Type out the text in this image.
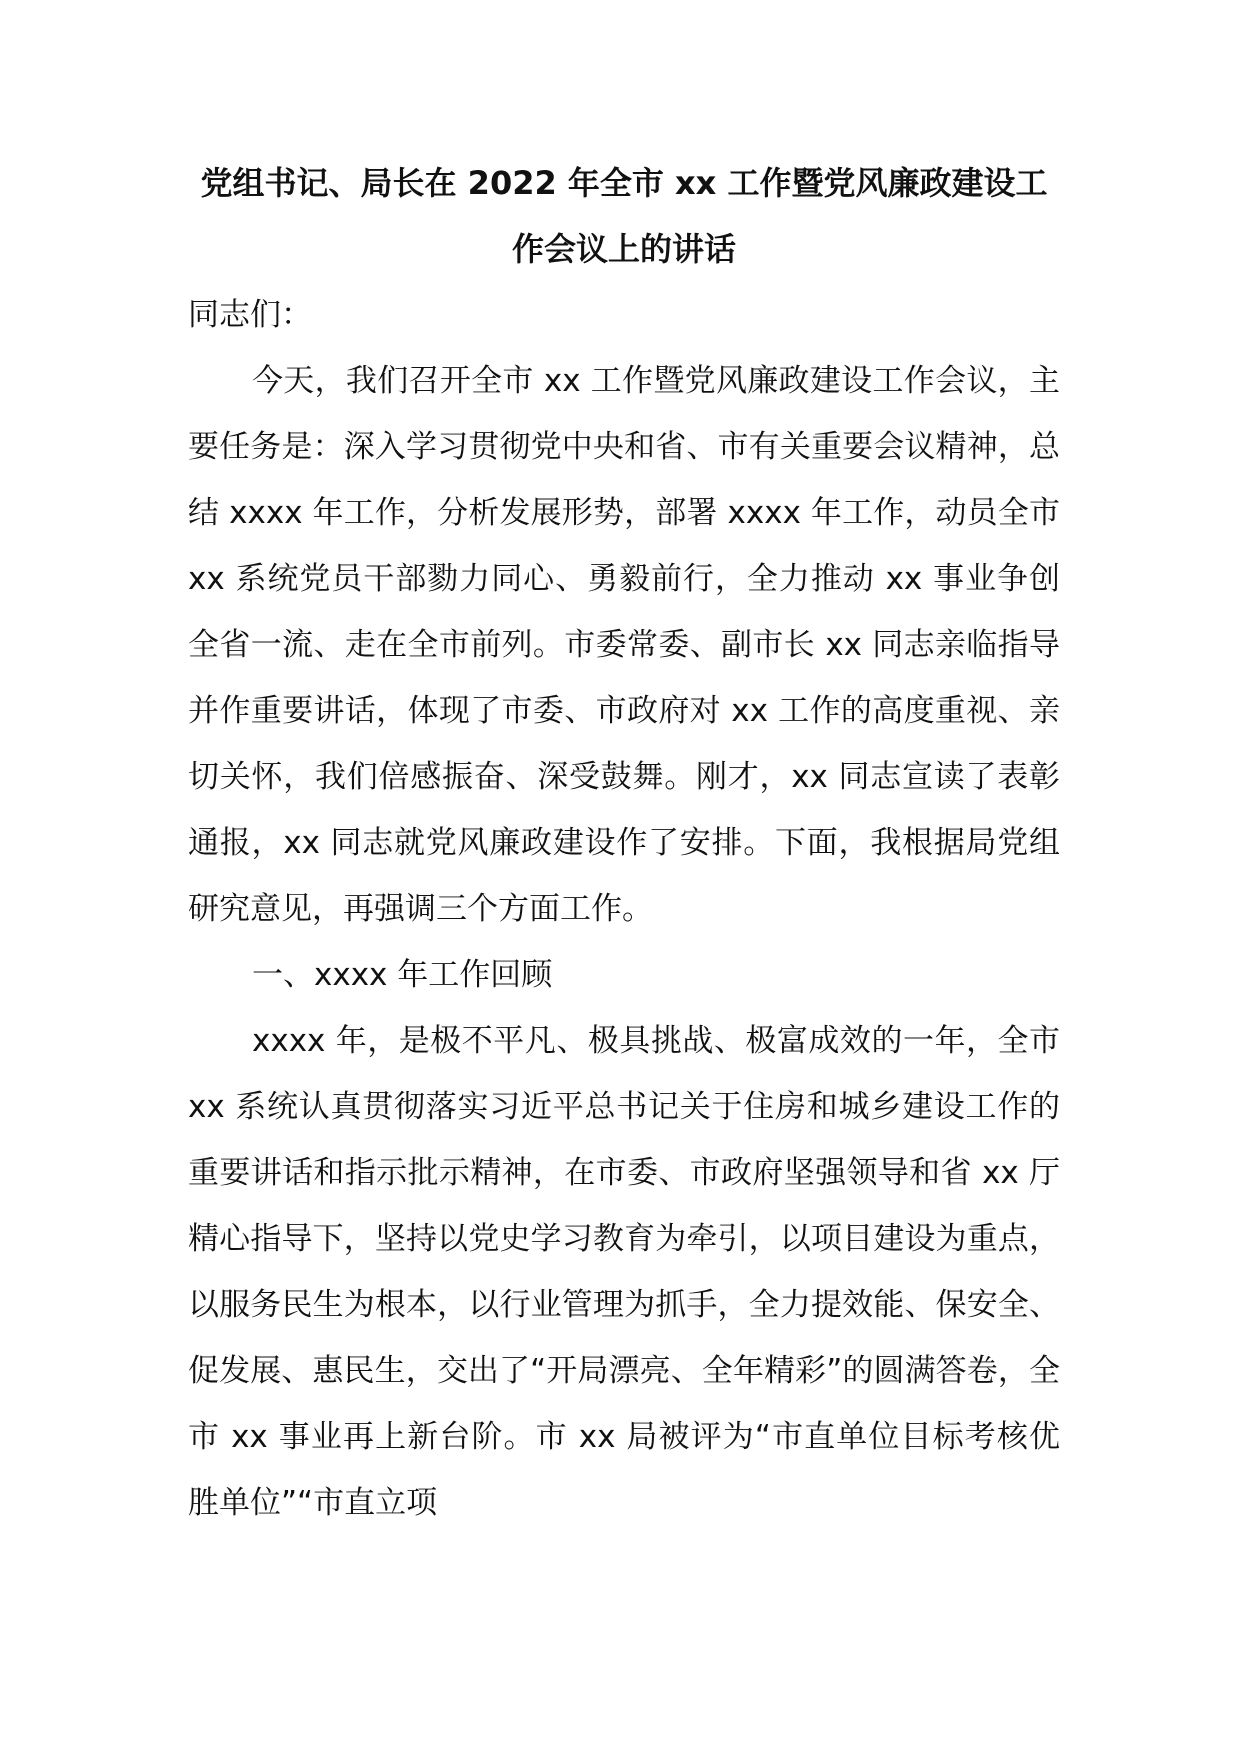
党组书记、局长在 2022 年全市 xx 工作暨党风廉政建设工
作会议上的讲话

同志们：

今天，我们召开全市 xx 工作暨党风廉政建设工作会议，主要任务是：深入学习贯彻党中央和省、市有关重要会议精神，总结 xxxx 年工作，分析发展形势，部署 xxxx 年工作，动员全市 xx 系统党员干部勠力同心、勇毅前行，全力推动 xx 事业争创全省一流、走在全市前列。市委常委、副市长 xx 同志亲临指导并作重要讲话，体现了市委、市政府对 xx 工作的高度重视、亲切关怀，我们倍感振奋、深受鼓舞。刚才，xx 同志宣读了表彰通报，xx 同志就党风廉政建设作了安排。下面，我根据局党组研究意见，再强调三个方面工作。

一、xxxx 年工作回顾

xxxx 年，是极不平凡、极具挑战、极富成效的一年，全市 xx 系统认真贯彻落实习近平总书记关于住房和城乡建设工作的重要讲话和指示批示精神，在市委、市政府坚强领导和省 xx 厅精心指导下，坚持以党史学习教育为牵引，以项目建设为重点，以服务民生为根本，以行业管理为抓手，全力提效能、保安全、促发展、惠民生，交出了“开局漂亮、全年精彩”的圆满答卷，全市 xx 事业再上新台阶。市 xx 局被评为“市直单位目标考核优胜单位”“市直立项
